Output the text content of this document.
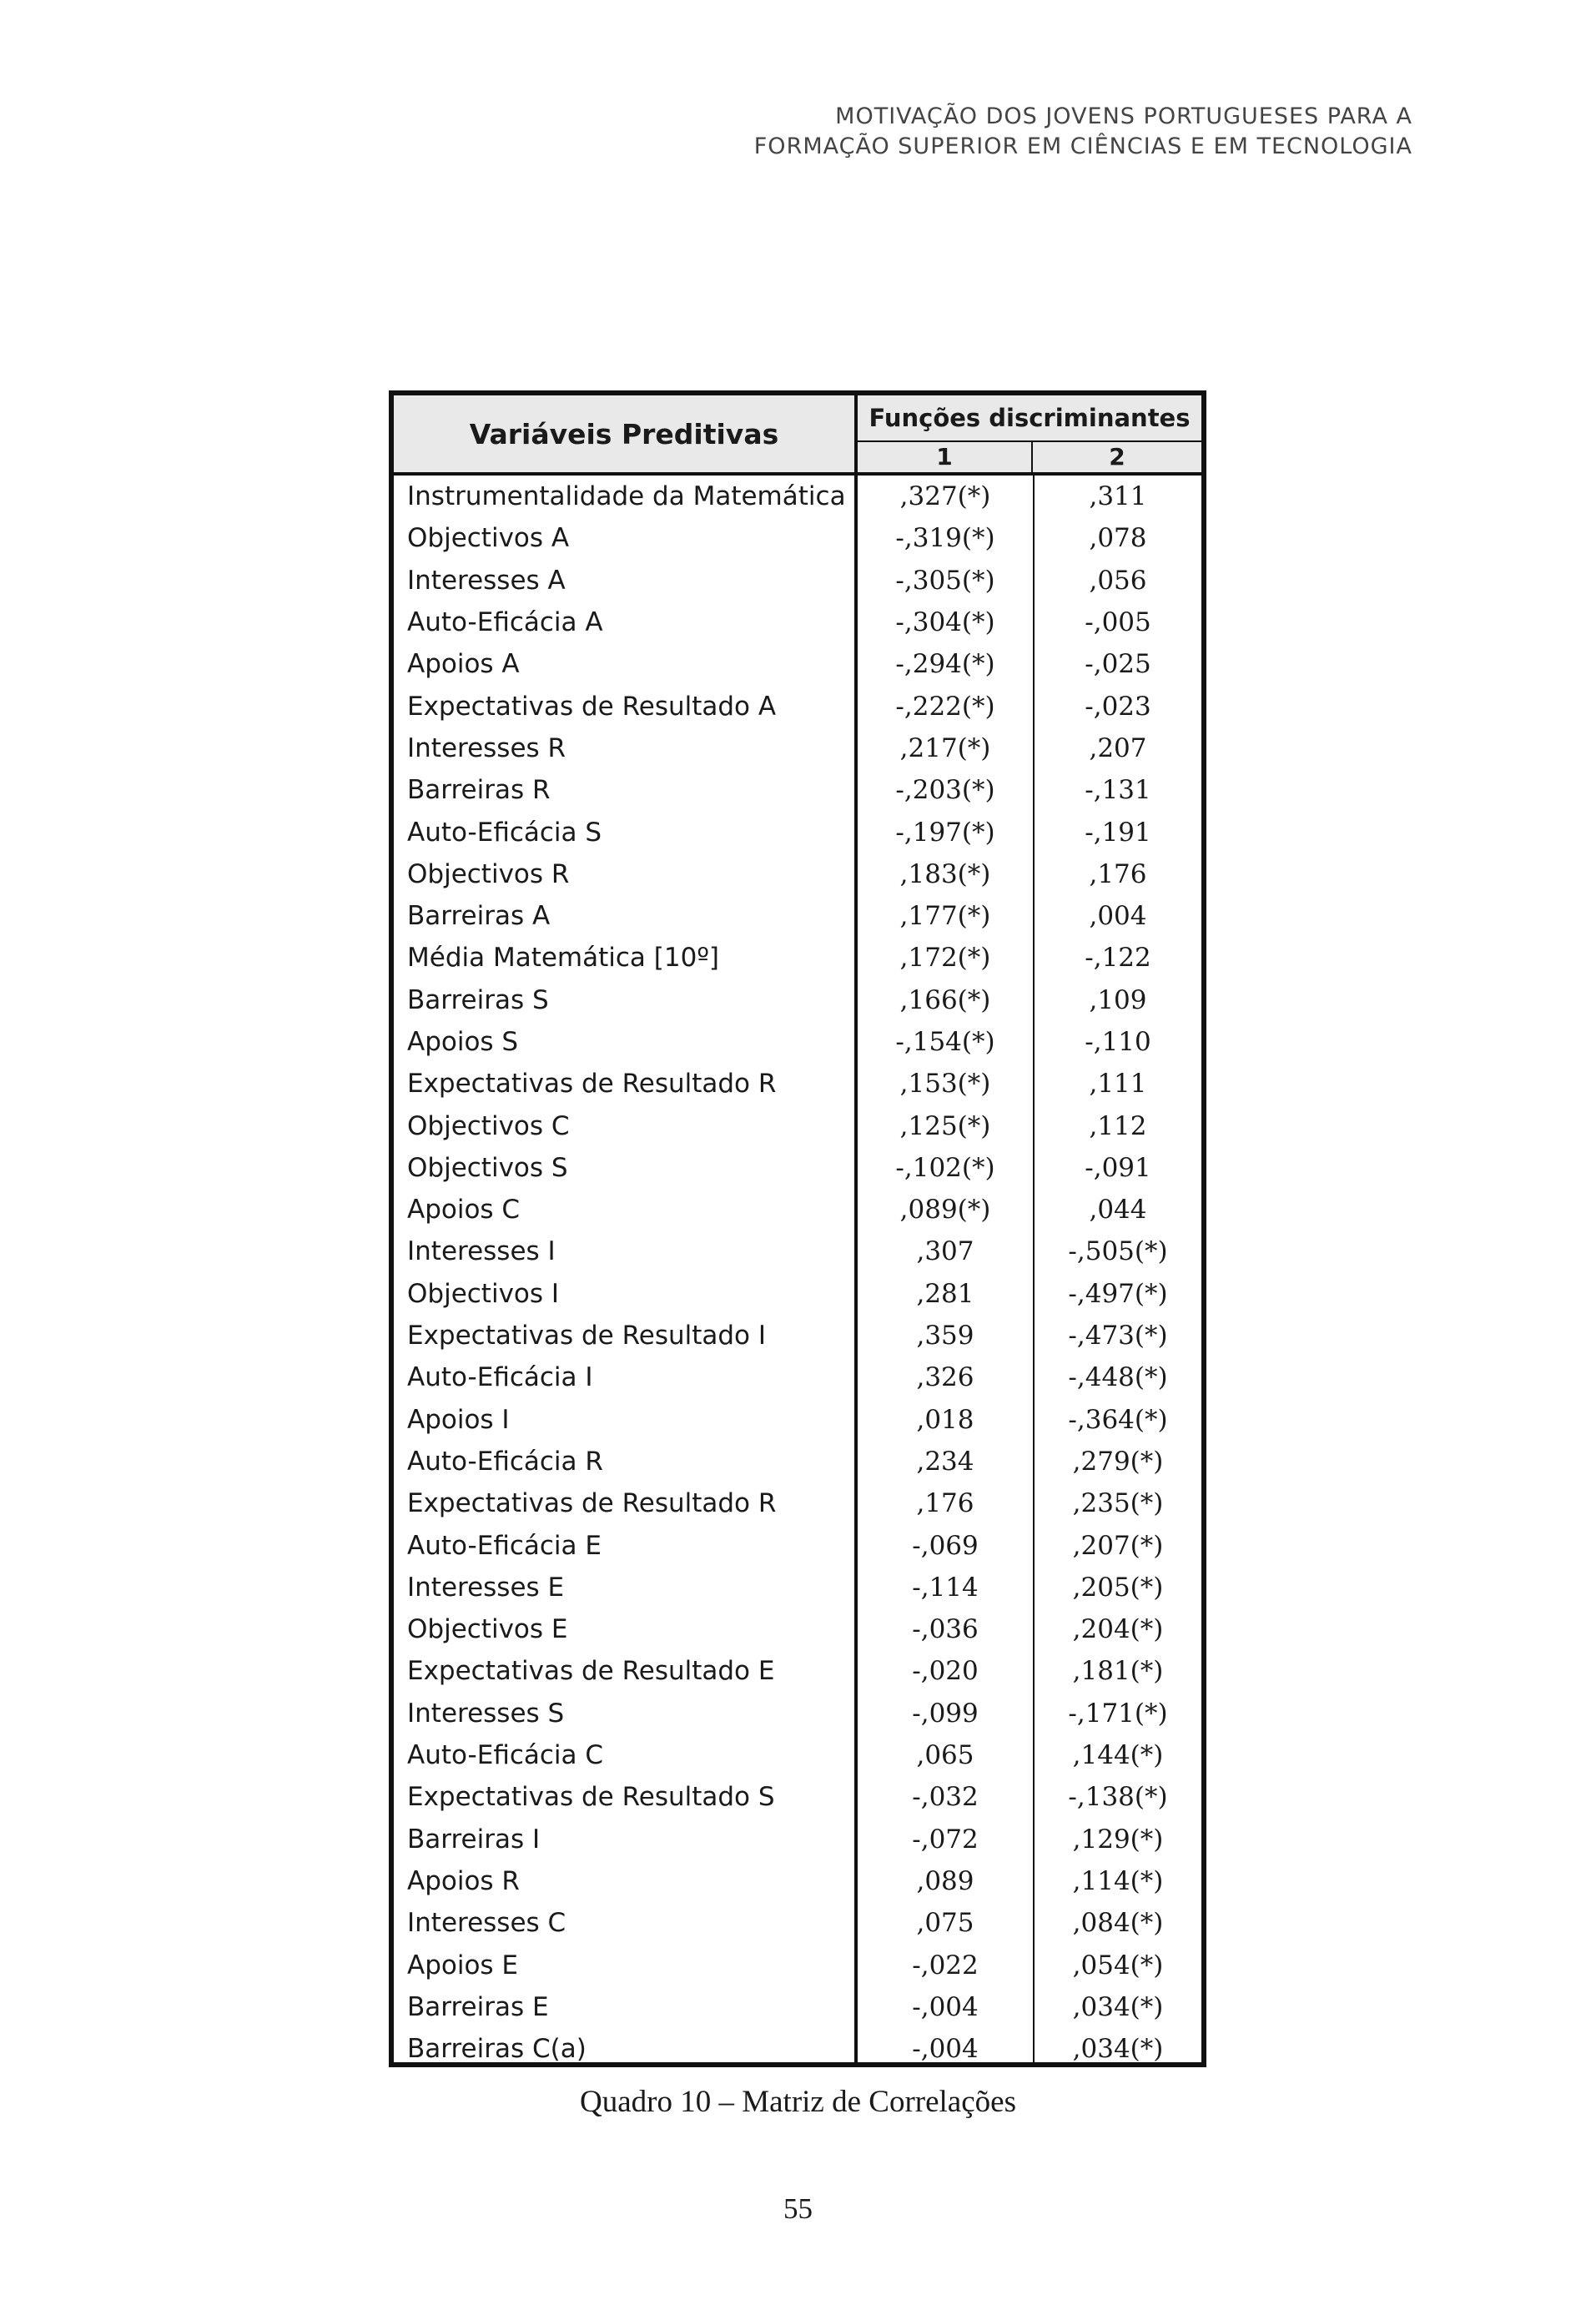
MOTIVAÇÃO DOS JOVENS PORTUGUESES PARA A
FORMAÇÃO SUPERIOR EM CIÊNCIAS E EM TECNOLOGIA
Variáveis Preditivas	Funções discriminantes
1	2
Instrumentalidade da Matemática	,327(*)	,311
Objectivos A	-,319(*)	,078
Interesses A	-,305(*)	,056
Auto-Eficácia A	-,304(*)	-,005
Apoios A	-,294(*)	-,025
Expectativas de Resultado A	-,222(*)	-,023
Interesses R	,217(*)	,207
Barreiras R	-,203(*)	-,131
Auto-Eficácia S	-,197(*)	-,191
Objectivos R	,183(*)	,176
Barreiras A	,177(*)	,004
Média Matemática [10º]	,172(*)	-,122
Barreiras S	,166(*)	,109
Apoios S	-,154(*)	-,110
Expectativas de Resultado R	,153(*)	,111
Objectivos C	,125(*)	,112
Objectivos S	-,102(*)	-,091
Apoios C	,089(*)	,044
Interesses I	,307	-,505(*)
Objectivos I	,281	-,497(*)
Expectativas de Resultado I	,359	-,473(*)
Auto-Eficácia I	,326	-,448(*)
Apoios I	,018	-,364(*)
Auto-Eficácia R	,234	,279(*)
Expectativas de Resultado R	,176	,235(*)
Auto-Eficácia E	-,069	,207(*)
Interesses E	-,114	,205(*)
Objectivos E	-,036	,204(*)
Expectativas de Resultado E	-,020	,181(*)
Interesses S	-,099	-,171(*)
Auto-Eficácia C	,065	,144(*)
Expectativas de Resultado S	-,032	-,138(*)
Barreiras I	-,072	,129(*)
Apoios R	,089	,114(*)
Interesses C	,075	,084(*)
Apoios E	-,022	,054(*)
Barreiras E	-,004	,034(*)
Barreiras C(a)	-,004	,034(*)
Quadro 10 – Matriz de Correlações
55
